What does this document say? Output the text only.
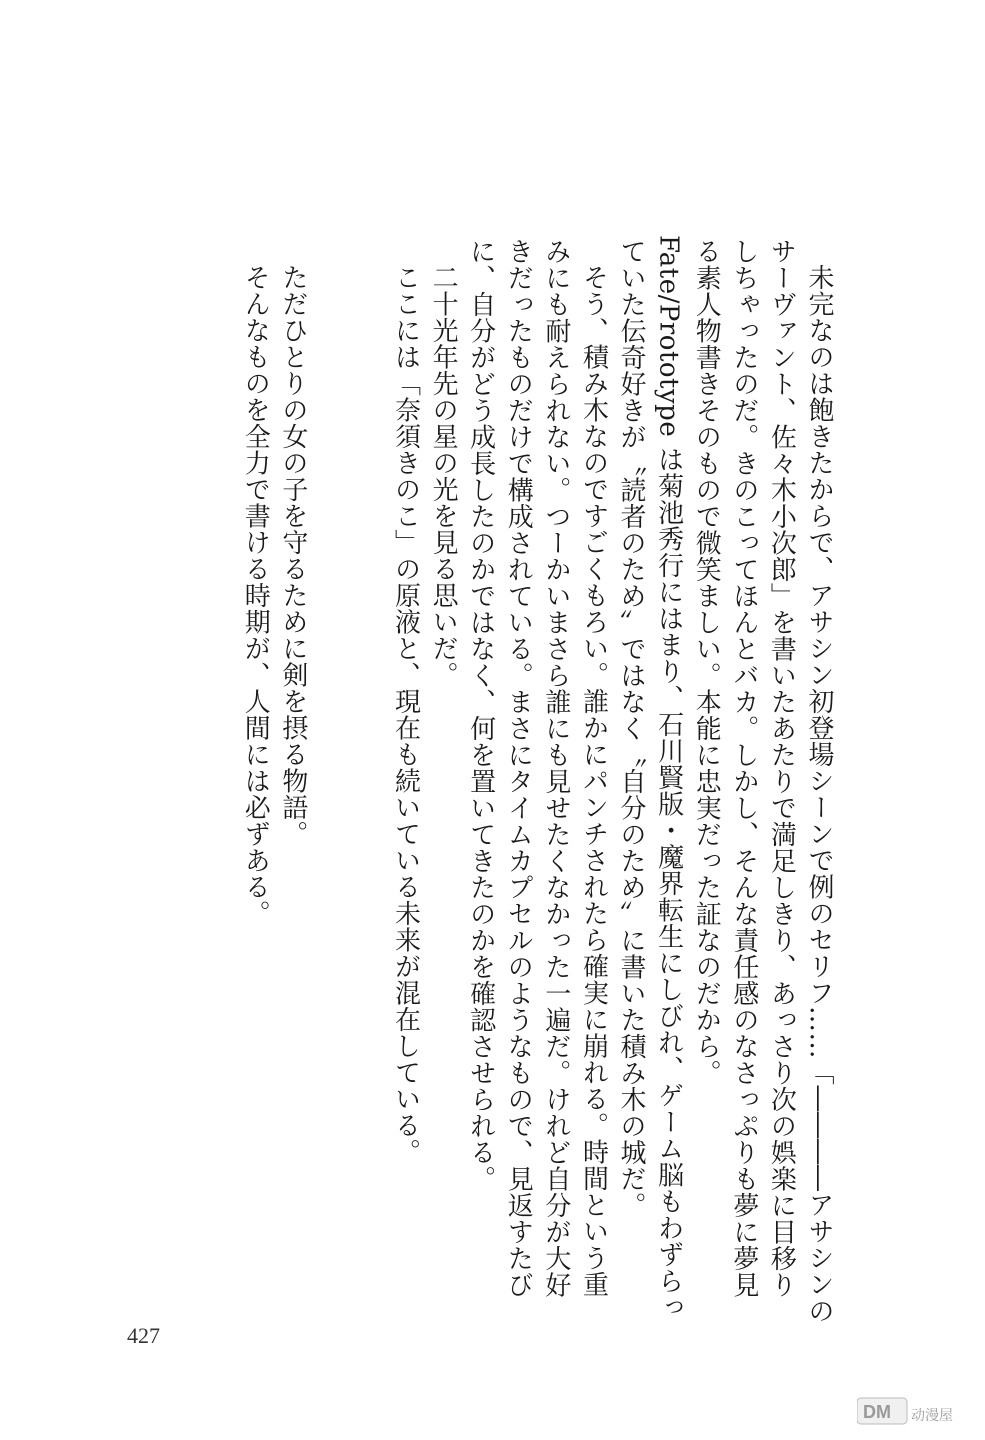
未完なのは飽きたからで、アサシン初登場シーンで例のセリフ……「――――アサシンの

サーヴァント、佐々木小次郎」を書いたあたりで満足しきり、あっさり次の娯楽に目移り

しちゃったのだ。きのこってほんとバカ。しかし、そんな責任感のなさっぷりも夢に夢見

る素人物書きそのもので微笑ましい。本能に忠実だった証なのだから。

Fate/Prototype は菊池秀行にはまり、石川賢版・魔界転生にしびれ、ゲーム脳もわずらっ

ていた伝奇好きが〝読者のため〟ではなく〝自分のため〟に書いた積み木の城だ。

そう、積み木なのですごくもろい。誰かにパンチされたら確実に崩れる。時間という重

みにも耐えられない。つーかいまさら誰にも見せたくなかった一遍だ。けれど自分が大好

きだったものだけで構成されている。まさにタイムカプセルのようなもので、見返すたび

に、自分がどう成長したのかではなく、何を置いてきたのかを確認させられる。

二十光年先の星の光を見る思いだ。

ここには「奈須きのこ」の原液と、現在も続いている未来が混在している。

ただひとりの女の子を守るために剣を摂る物語。

そんなものを全力で書ける時期が、人間には必ずある。

427
DM 动漫屋
